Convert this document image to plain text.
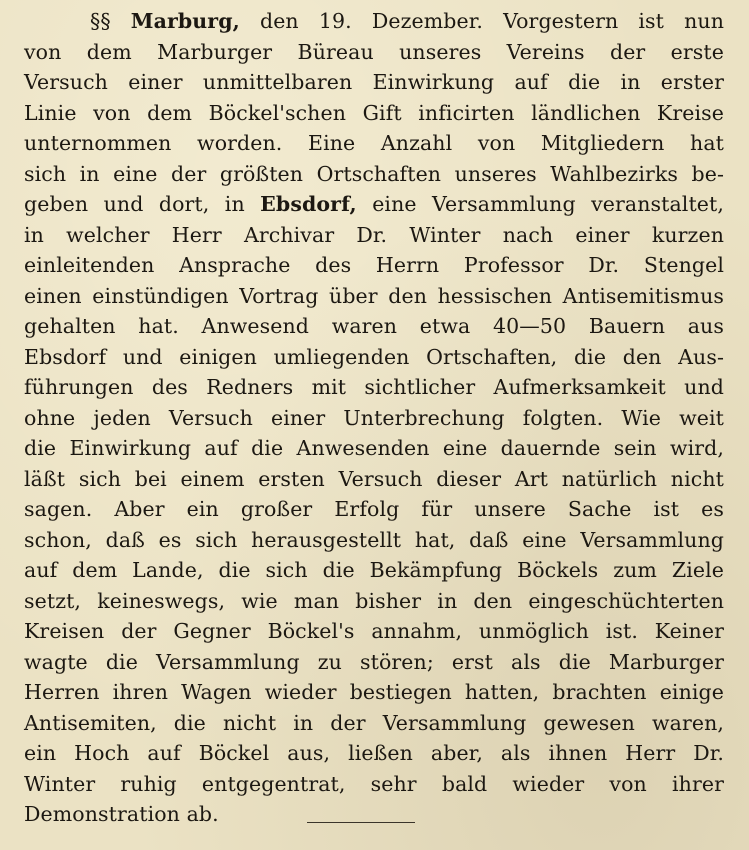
§§ Marburg, den 19. Dezember. Vorgestern ist nun
von dem Marburger Büreau unseres Vereins der erste
Versuch einer unmittelbaren Einwirkung auf die in erster
Linie von dem Böckel'schen Gift inficirten ländlichen Kreise
unternommen worden. Eine Anzahl von Mitgliedern hat
sich in eine der größten Ortschaften unseres Wahlbezirks be-
geben und dort, in Ebsdorf, eine Versammlung veranstaltet,
in welcher Herr Archivar Dr. Winter nach einer kurzen
einleitenden Ansprache des Herrn Professor Dr. Stengel
einen einstündigen Vortrag über den hessischen Antisemitismus
gehalten hat. Anwesend waren etwa 40—50 Bauern aus
Ebsdorf und einigen umliegenden Ortschaften, die den Aus-
führungen des Redners mit sichtlicher Aufmerksamkeit und
ohne jeden Versuch einer Unterbrechung folgten. Wie weit
die Einwirkung auf die Anwesenden eine dauernde sein wird,
läßt sich bei einem ersten Versuch dieser Art natürlich nicht
sagen. Aber ein großer Erfolg für unsere Sache ist es
schon, daß es sich herausgestellt hat, daß eine Versammlung
auf dem Lande, die sich die Bekämpfung Böckels zum Ziele
setzt, keineswegs, wie man bisher in den eingeschüchterten
Kreisen der Gegner Böckel's annahm, unmöglich ist. Keiner
wagte die Versammlung zu stören; erst als die Marburger
Herren ihren Wagen wieder bestiegen hatten, brachten einige
Antisemiten, die nicht in der Versammlung gewesen waren,
ein Hoch auf Böckel aus, ließen aber, als ihnen Herr Dr.
Winter ruhig entgegentrat, sehr bald wieder von ihrer
Demonstration ab.
